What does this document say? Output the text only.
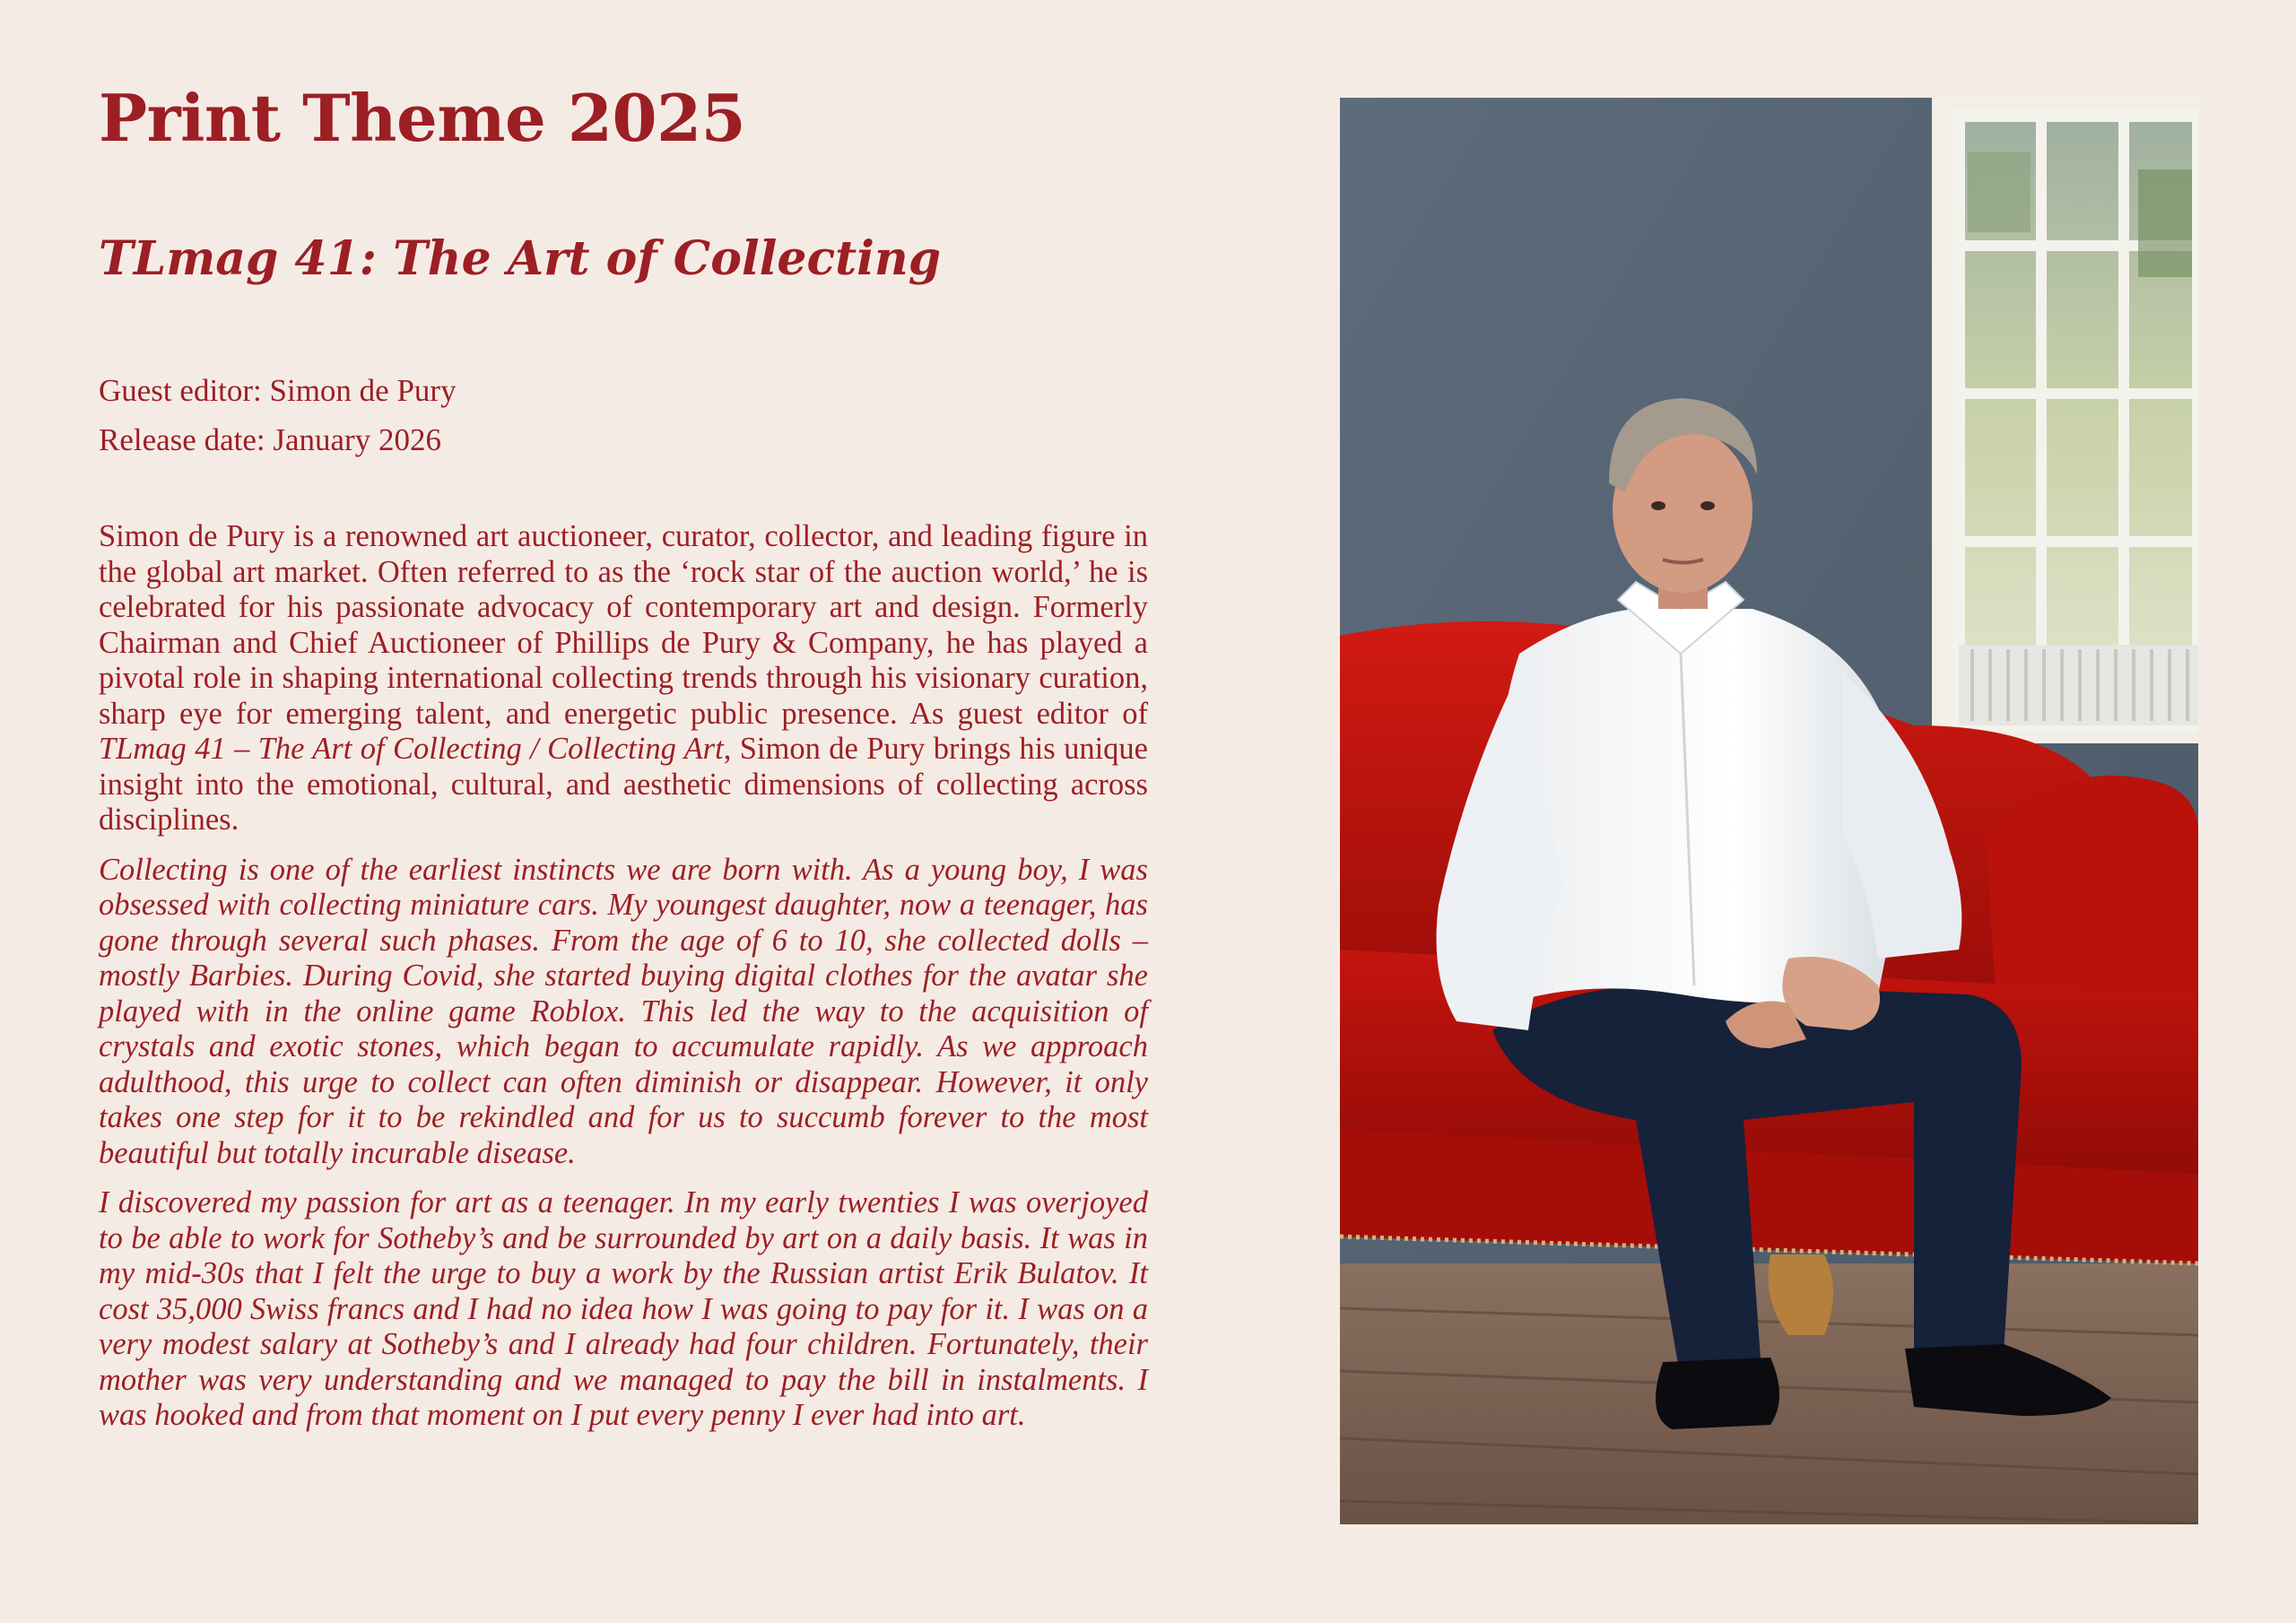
Print Theme 2025
TLmag 41: The Art of Collecting
Guest editor: Simon de Pury
Release date: January 2026

Simon de Pury is a renowned art auctioneer, curator, collector, and leading figure in the global art market. Often referred to as the ‘rock star of the auction world,’ he is celebrated for his passionate advocacy of contemporary art and design. Formerly Chairman and Chief Auctioneer of Phillips de Pury & Company, he has played a pivotal role in shaping international collecting trends through his visionary curation, sharp eye for emerging talent, and energetic public presence. As guest editor of TLmag 41 – The Art of Collecting / Collecting Art, Simon de Pury brings his unique insight into the emotional, cultural, and aesthetic dimensions of collecting across disciplines.

Collecting is one of the earliest instincts we are born with. As a young boy, I was obsessed with collecting miniature cars. My youngest daughter, now a teenager, has gone through several such phases. From the age of 6 to 10, she collected dolls – mostly Barbies. During Covid, she started buying digital clothes for the avatar she played with in the online game Roblox. This led the way to the acquisition of crystals and exotic stones, which began to accumulate rapidly. As we approach adulthood, this urge to collect can often diminish or disappear. However, it only takes one step for it to be rekindled and for us to succumb forever to the most beautiful but totally incurable disease.

I discovered my passion for art as a teenager. In my early twenties I was overjoyed to be able to work for Sotheby’s and be surrounded by art on a daily basis. It was in my mid-30s that I felt the urge to buy a work by the Russian artist Erik Bulatov. It cost 35,000 Swiss francs and I had no idea how I was going to pay for it. I was on a very modest salary at Sotheby’s and I already had four children. Fortunately, their mother was very understanding and we managed to pay the bill in instalments. I was hooked and from that moment on I put every penny I ever had into art.
